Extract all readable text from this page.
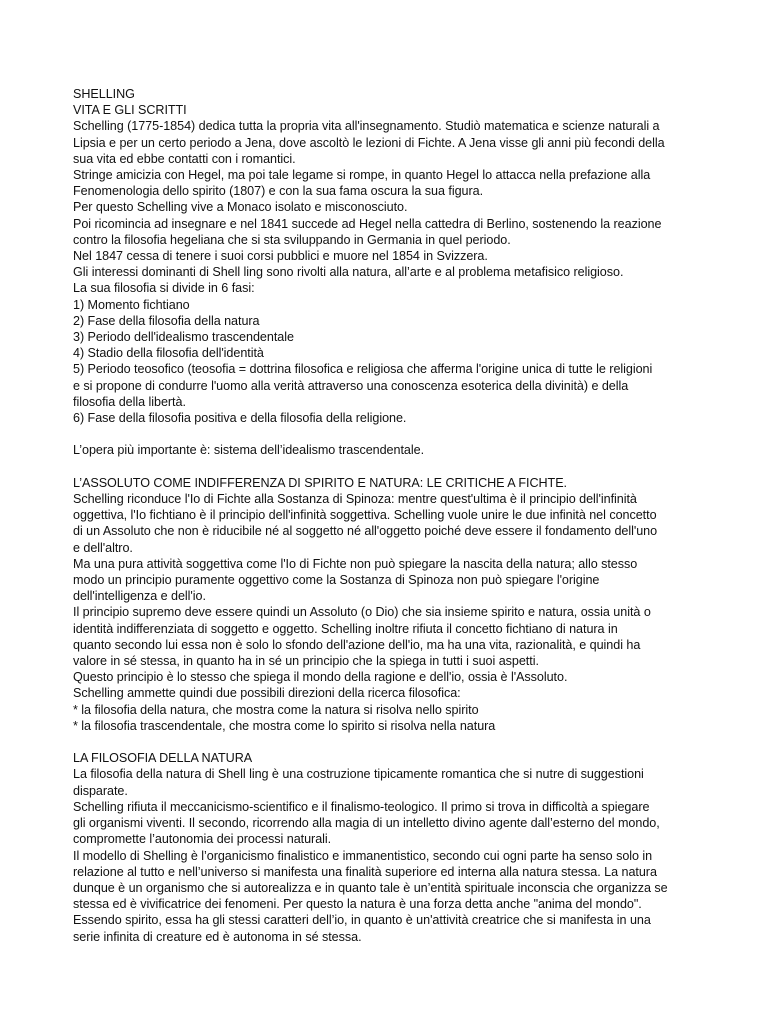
SHELLING
VITA E GLI SCRITTI
Schelling (1775-1854) dedica tutta la propria vita all'insegnamento. Studiò matematica e scienze naturali a
Lipsia e per un certo periodo a Jena, dove ascoltò le lezioni di Fichte. A Jena visse gli anni più fecondi della
sua vita ed ebbe contatti con i romantici.
Stringe amicizia con Hegel, ma poi tale legame si rompe, in quanto Hegel lo attacca nella prefazione alla
Fenomenologia dello spirito (1807) e con la sua fama oscura la sua figura.
Per questo Schelling vive a Monaco isolato e misconosciuto.
Poi ricomincia ad insegnare e nel 1841 succede ad Hegel nella cattedra di Berlino, sostenendo la reazione
contro la filosofia hegeliana che si sta sviluppando in Germania in quel periodo.
Nel 1847 cessa di tenere i suoi corsi pubblici e muore nel 1854 in Svizzera.
Gli interessi dominanti di Shell ling sono rivolti alla natura, all’arte e al problema metafisico religioso.
La sua filosofia si divide in 6 fasi:
1) Momento fichtiano
2) Fase della filosofia della natura
3) Periodo dell'idealismo trascendentale
4) Stadio della filosofia dell'identità
5) Periodo teosofico (teosofia = dottrina filosofica e religiosa che afferma l'origine unica di tutte le religioni
e si propone di condurre l'uomo alla verità attraverso una conoscenza esoterica della divinità) e della
filosofia della libertà.
6) Fase della filosofia positiva e della filosofia della religione.
L’opera più importante è: sistema dell’idealismo trascendentale.
L’ASSOLUTO COME INDIFFERENZA DI SPIRITO E NATURA: LE CRITICHE A FICHTE.
Schelling riconduce l'Io di Fichte alla Sostanza di Spinoza: mentre quest'ultima è il principio dell'infinità
oggettiva, l'Io fichtiano è il principio dell'infinità soggettiva. Schelling vuole unire le due infinità nel concetto
di un Assoluto che non è riducibile né al soggetto né all'oggetto poiché deve essere il fondamento dell'uno
e dell'altro.
Ma una pura attività soggettiva come l'Io di Fichte non può spiegare la nascita della natura; allo stesso
modo un principio puramente oggettivo come la Sostanza di Spinoza non può spiegare l'origine
dell'intelligenza e dell'io.
Il principio supremo deve essere quindi un Assoluto (o Dio) che sia insieme spirito e natura, ossia unità o
identità indifferenziata di soggetto e oggetto. Schelling inoltre rifiuta il concetto fichtiano di natura in
quanto secondo lui essa non è solo lo sfondo dell'azione dell'io, ma ha una vita, razionalità, e quindi ha
valore in sé stessa, in quanto ha in sé un principio che la spiega in tutti i suoi aspetti.
Questo principio è lo stesso che spiega il mondo della ragione e dell'io, ossia è l'Assoluto.
Schelling ammette quindi due possibili direzioni della ricerca filosofica:
* la filosofia della natura, che mostra come la natura si risolva nello spirito
* la filosofia trascendentale, che mostra come lo spirito si risolva nella natura
LA FILOSOFIA DELLA NATURA
La filosofia della natura di Shell ling è una costruzione tipicamente romantica che si nutre di suggestioni
disparate.
Schelling rifiuta il meccanicismo-scientifico e il finalismo-teologico. Il primo si trova in difficoltà a spiegare
gli organismi viventi. Il secondo, ricorrendo alla magia di un intelletto divino agente dall’esterno del mondo,
compromette l’autonomia dei processi naturali.
Il modello di Shelling è l’organicismo finalistico e immanentistico, secondo cui ogni parte ha senso solo in
relazione al tutto e nell’universo si manifesta una finalità superiore ed interna alla natura stessa. La natura
dunque è un organismo che si autorealizza e in quanto tale è un’entità spirituale inconscia che organizza se
stessa ed è vivificatrice dei fenomeni. Per questo la natura è una forza detta anche "anima del mondo".
Essendo spirito, essa ha gli stessi caratteri dell’io, in quanto è un'attività creatrice che si manifesta in una
serie infinita di creature ed è autonoma in sé stessa.
